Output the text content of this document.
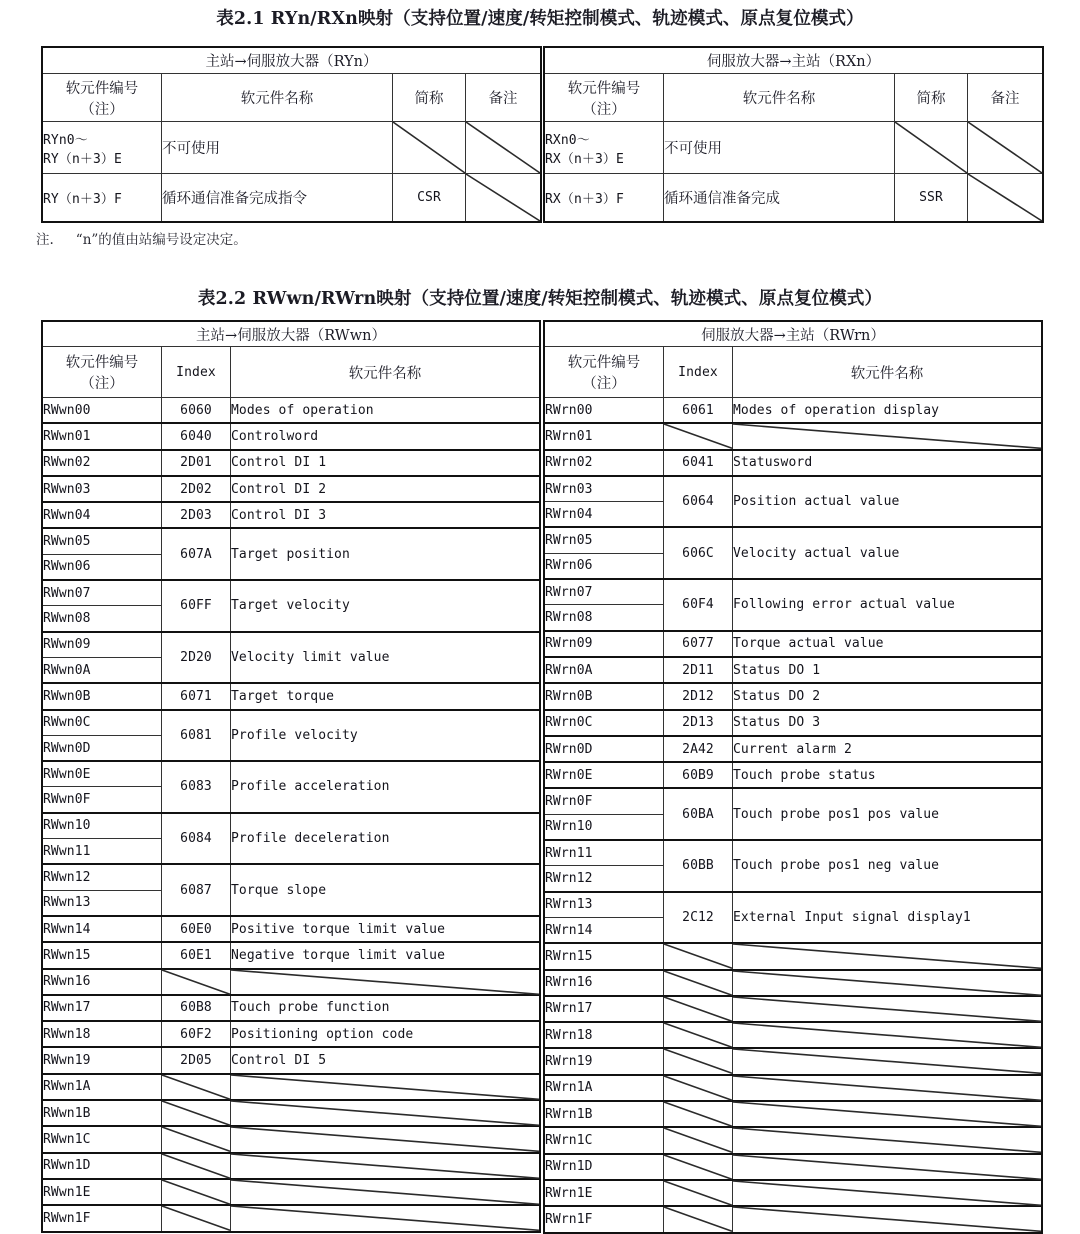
表2.1 RYn/RXn映射（支持位置/速度/转矩控制模式、轨迹模式、原点复位模式）
主站→伺服放大器（RYn）			

软元件编号
（注）	软元件名称	简称	备注

RYn0～
RY（n＋3）E	不可使用	

RY（n＋3）F	循环通信准备完成指令	CSR	
伺服放大器→主站（RXn）			

软元件编号
（注）	软元件名称	简称	备注

RXn0～
RX（n＋3）E	不可使用	

RX（n＋3）F	循环通信准备完成	SSR	
注. “n”的值由站编号设定决定。
表2.2 RWwn/RWrn映射（支持位置/速度/转矩控制模式、轨迹模式、原点复位模式）
主站→伺服放大器（RWwn）		

软元件编号
（注）	Index	软元件名称
RWwn00	6060	Modes of operation
RWwn01	6040	Controlword
RWwn02	2D01	Control DI 1
RWwn03	2D02	Control DI 2
RWwn04	2D03	Control DI 3
RWwn05	607A	Target position
RWwn06		
RWwn07	60FF	Target velocity
RWwn08		
RWwn09	2D20	Velocity limit value
RWwn0A		
RWwn0B	6071	Target torque
RWwn0C	6081	Profile velocity
RWwn0D		
RWwn0E	6083	Profile acceleration
RWwn0F		
RWwn10	6084	Profile deceleration
RWwn11		
RWwn12	6087	Torque slope
RWwn13		
RWwn14	60E0	Positive torque limit value
RWwn15	60E1	Negative torque limit value
RWwn16	

RWwn17	60B8	Touch probe function
RWwn18	60F2	Positioning option code
RWwn19	2D05	Control DI 5
RWwn1A	

RWwn1B	

RWwn1C	

RWwn1D	

RWwn1E	

RWwn1F	

伺服放大器→主站（RWrn）		

软元件编号
（注）	Index	软元件名称
RWrn00	6061	Modes of operation display
RWrn01	

RWrn02	6041	Statusword
RWrn03	6064	Position actual value
RWrn04		
RWrn05	606C	Velocity actual value
RWrn06		
RWrn07	60F4	Following error actual value
RWrn08		
RWrn09	6077	Torque actual value
RWrn0A	2D11	Status DO 1
RWrn0B	2D12	Status DO 2
RWrn0C	2D13	Status DO 3
RWrn0D	2A42	Current alarm 2
RWrn0E	60B9	Touch probe status
RWrn0F	60BA	Touch probe pos1 pos value
RWrn10		
RWrn11	60BB	Touch probe pos1 neg value
RWrn12		
RWrn13	2C12	External Input signal display1
RWrn14		
RWrn15	

RWrn16	

RWrn17	

RWrn18	

RWrn19	

RWrn1A	

RWrn1B	

RWrn1C	

RWrn1D	

RWrn1E	

RWrn1F	
